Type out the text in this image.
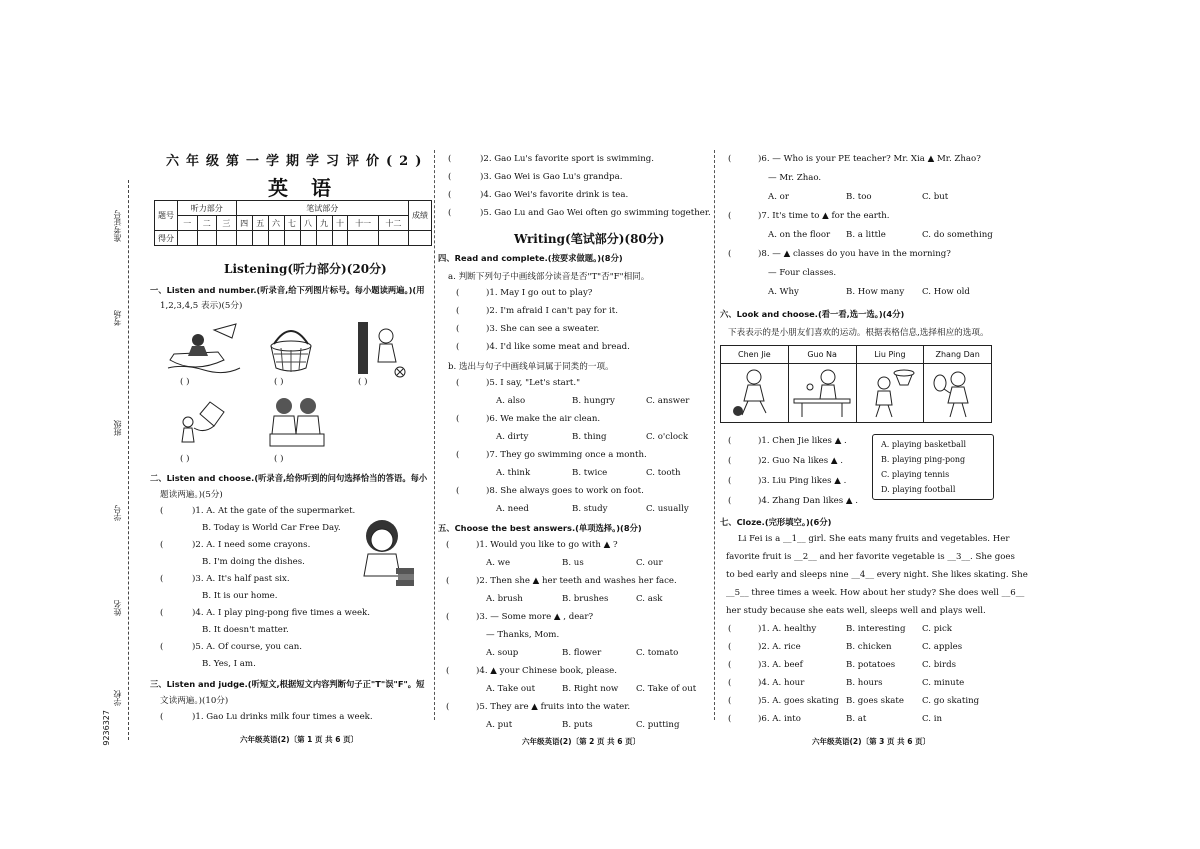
准考证号
考场
班级
学号
姓名
学校
9236327
六年级第一学期学习评价(2)
英 语
题号	听力部分			笔试部分									成绩
	一	二	三	四	五	六	七	八	九	十	十一	十二	
得分													
Listening(听力部分)(20分)
一、Listen and number.(听录音,给下列图片标号。每小题读两遍。)(用
1,2,3,4,5 表示)(5分)
( )	( )	( )
( )	( )
二、Listen and choose.(听录音,给你听到的问句选择恰当的答语。每小
题读两遍。)(5分)
(	)1. A. At the gate of the supermarket.
B. Today is World Car Free Day.
(	)2. A. I need some crayons.
B. I'm doing the dishes.
(	)3. A. It's half past six.
B. It is our home.
(	)4. A. I play ping-pong five times a week.
B. It doesn't matter.
(	)5. A. Of course, you can.
B. Yes, I am.
三、Listen and judge.(听短文,根据短文内容判断句子正"T"误"F"。短
文读两遍。)(10分)
(	)1. Gao Lu drinks milk four times a week.
六年级英语(2)〔第 1 页 共 6 页〕
(	)2. Gao Lu's favorite sport is swimming.
(	)3. Gao Wei is Gao Lu's grandpa.
(	)4. Gao Wei's favorite drink is tea.
(	)5. Gao Lu and Gao Wei often go swimming together.
Writing(笔试部分)(80分)
四、Read and complete.(按要求做题。)(8分)
a. 判断下列句子中画线部分读音是否"T"否"F"相同。
(	)1. May I go out to play?
(	)2. I'm afraid I can't pay for it.
(	)3. She can see a sweater.
(	)4. I'd like some meat and bread.
b. 选出与句子中画线单词属于同类的一项。
(	)5. I say, "Let's start."
A. also	B. hungry	C. answer
(	)6. We make the air clean.
A. dirty	B. thing	C. o'clock
(	)7. They go swimming once a month.
A. think	B. twice	C. tooth
(	)8. She always goes to work on foot.
A. need	B. study	C. usually
五、Choose the best answers.(单项选择。)(8分)
(	)1. Would you like to go with ▲ ?
A. we	B. us	C. our
(	)2. Then she ▲ her teeth and washes her face.
A. brush	B. brushes	C. ask
(	)3. — Some more ▲ , dear?
— Thanks, Mom.
A. soup	B. flower	C. tomato
(	)4. ▲ your Chinese book, please.
A. Take out	B. Right now C. Take of out
(	)5. They are ▲ fruits into the water.
A. put	B. puts	C. putting
六年级英语(2)〔第 2 页 共 6 页〕
(	)6. — Who is your PE teacher? Mr. Xia ▲ Mr. Zhao?
— Mr. Zhao.
A. or	B. too	C. but
(	)7. It's time to ▲ for the earth.
A. on the floor B. a little	C. do something
(	)8. — ▲ classes do you have in the morning?
— Four classes.
A. Why	B. How many C. How old
六、Look and choose.(看一看,选一选。)(4分)
下表表示的是小朋友们喜欢的运动。根据表格信息,选择相应的选项。
Chen Jie	Guo Na	Liu Ping	Zhang Dan

(	)1. Chen Jie likes ▲ .
(	)2. Guo Na likes ▲ .
(	)3. Liu Ping likes ▲ .
(	)4. Zhang Dan likes ▲ .
A. playing basketball
B. playing ping-pong
C. playing tennis
D. playing football
七、Cloze.(完形填空。)(6分)
Li Fei is a __1__ girl. She eats many fruits and vegetables. Her
favorite fruit is __2__ and her favorite vegetable is __3__. She goes
to bed early and sleeps nine __4__ every night. She likes skating. She
__5__ three times a week. How about her study? She does well __6__
her study because she eats well, sleeps well and plays well.
(	)1. A. healthy	B. interesting C. pick
(	)2. A. rice	B. chicken	C. apples
(	)3. A. beef	B. potatoes	C. birds
(	)4. A. hour	B. hours	C. minute
(	)5. A. goes skating B. goes skate C. go skating
(	)6. A. into	B. at	C. in
六年级英语(2)〔第 3 页 共 6 页〕
